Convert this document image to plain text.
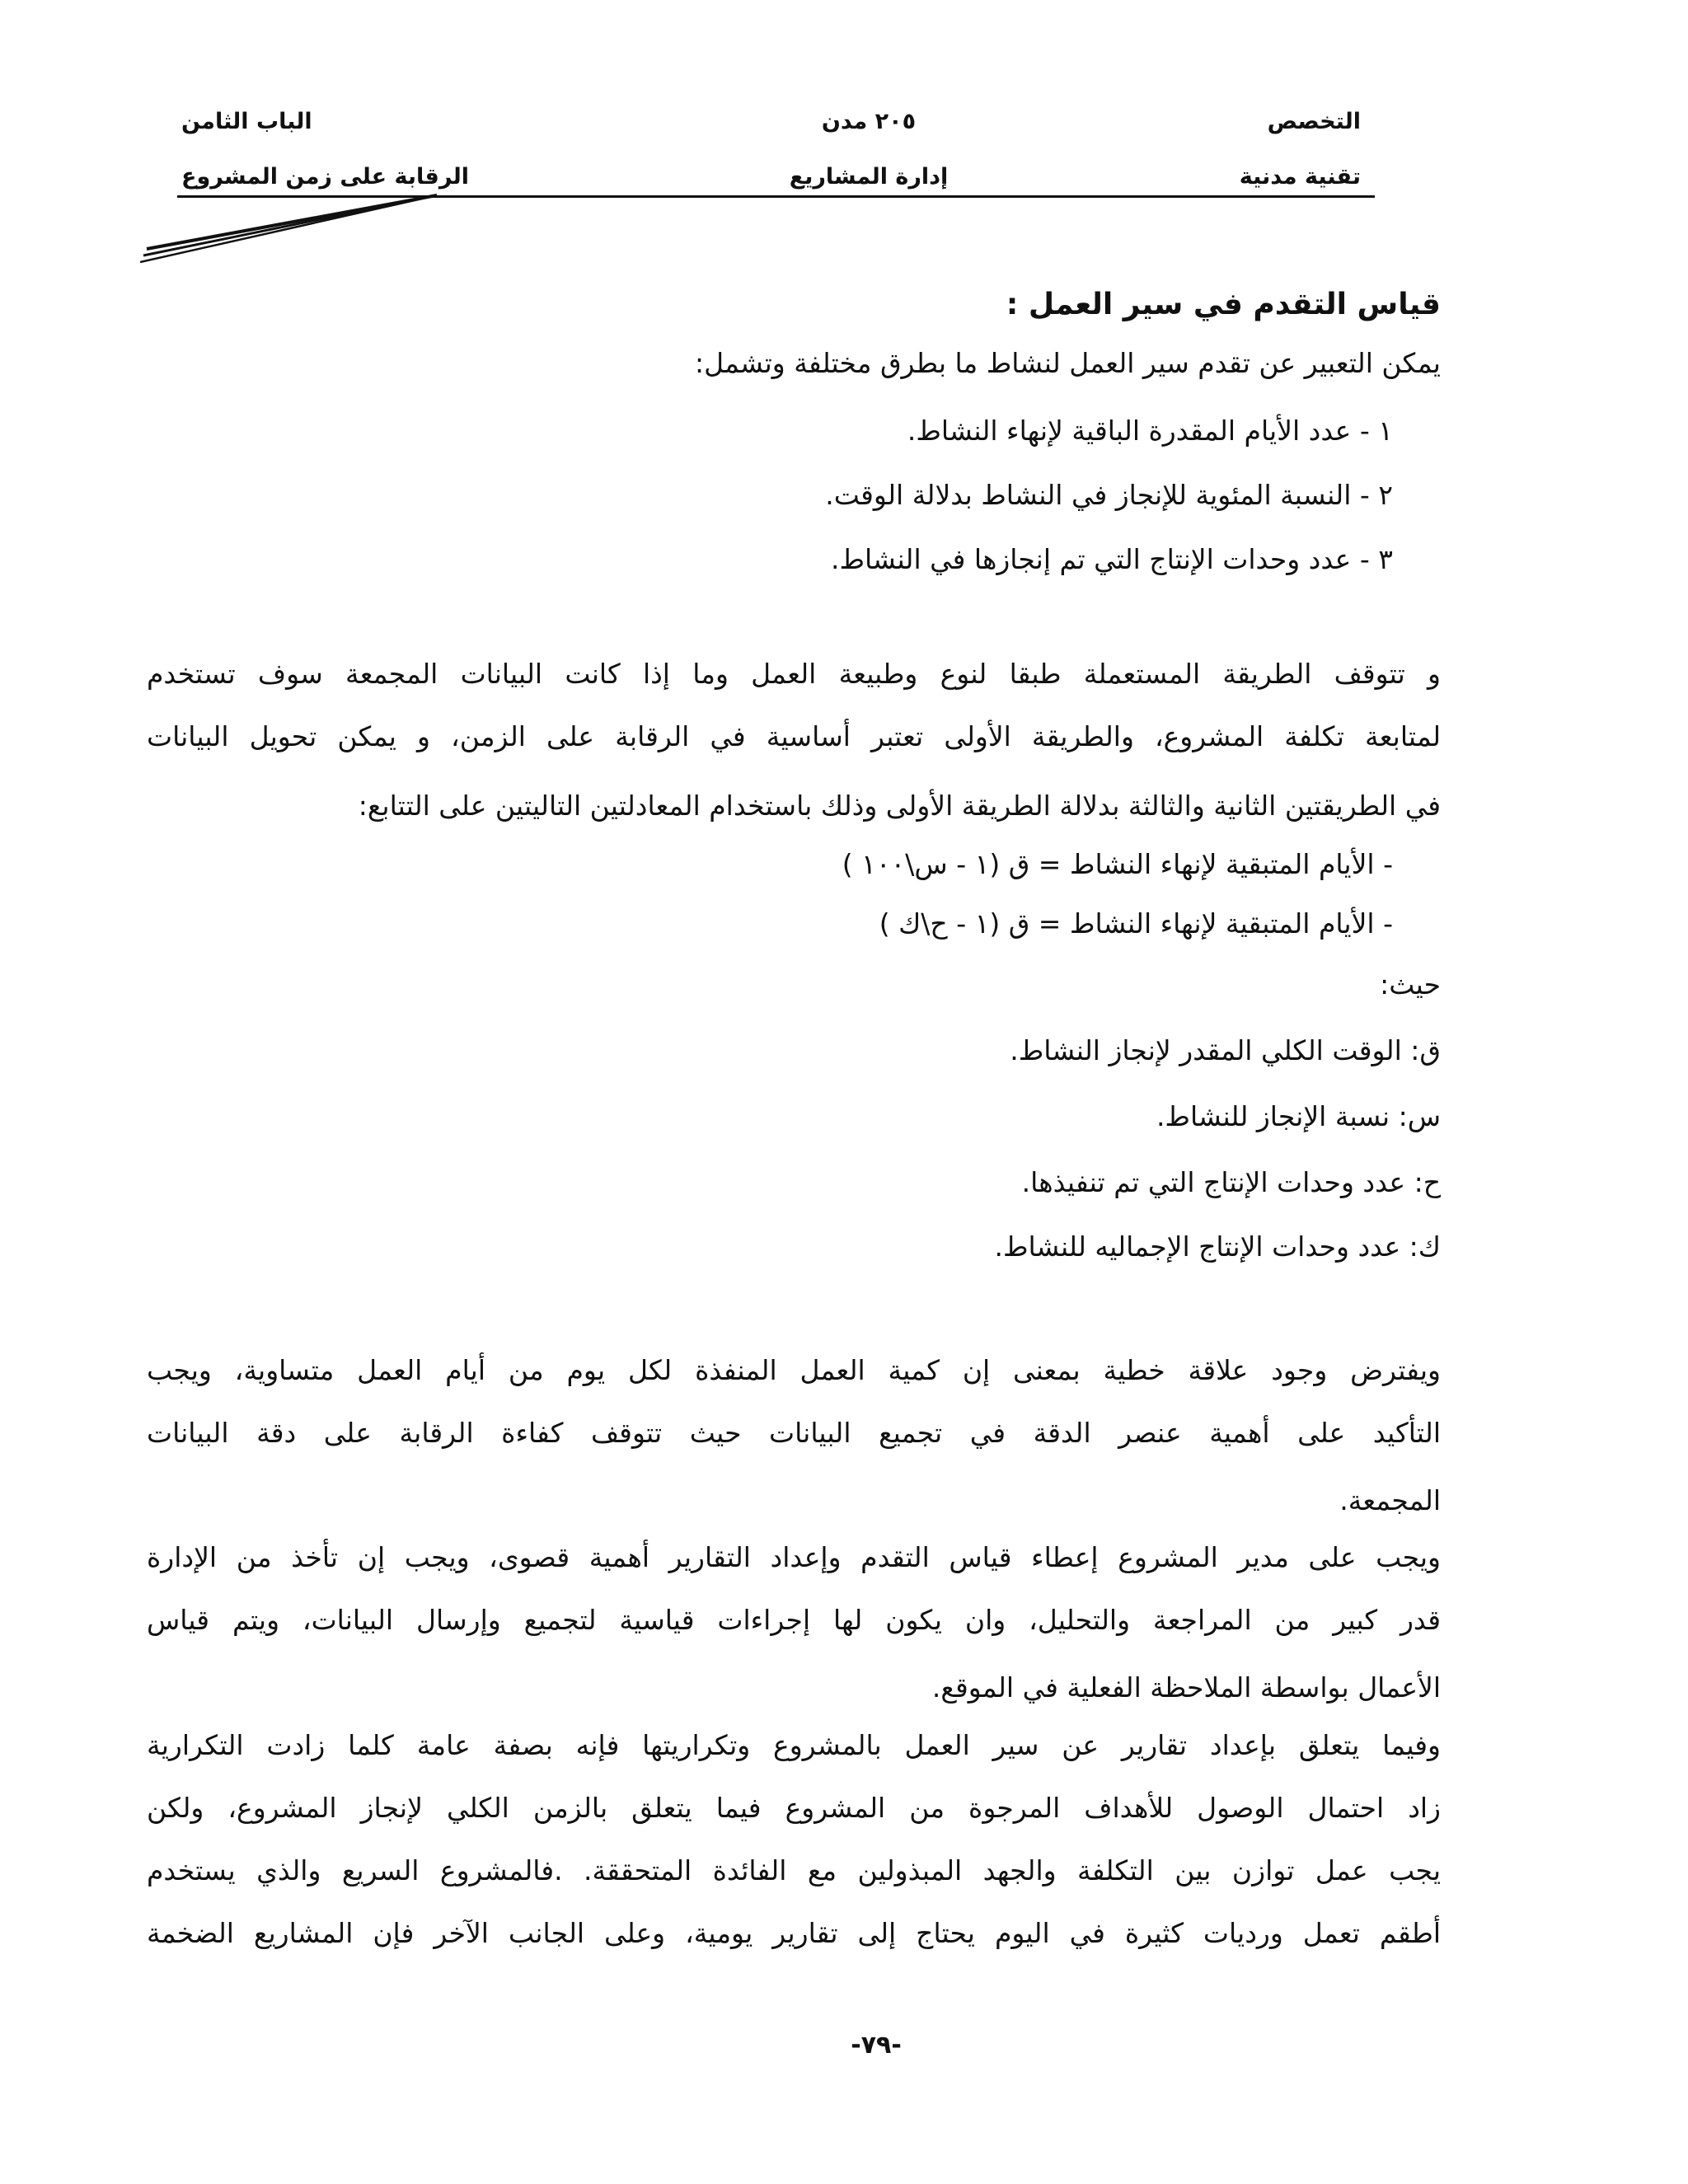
التخصص
تقنية مدنية
٢٠٥ مدن
إدارة المشاريع
الباب الثامن
الرقابة على زمن المشروع
قياس التقدم في سير العمل :
يمكن التعبير عن تقدم سير العمل لنشاط ما بطرق مختلفة وتشمل:
١ - عدد الأيام المقدرة الباقية لإنهاء النشاط.
٢ - النسبة المئوية للإنجاز في النشاط بدلالة الوقت.
٣ - عدد وحدات الإنتاج التي تم إنجازها في النشاط.
و تتوقف الطريقة المستعملة طبقا لنوع وطبيعة العمل وما إذا كانت البيانات المجمعة سوف تستخدم
لمتابعة تكلفة المشروع، والطريقة الأولى تعتبر أساسية في الرقابة على الزمن، و يمكن تحويل البيانات
في الطريقتين الثانية والثالثة بدلالة الطريقة الأولى وذلك باستخدام المعادلتين التاليتين على التتابع:
- الأيام المتبقية لإنهاء النشاط = ق (١ - س\١٠٠ )
- الأيام المتبقية لإنهاء النشاط = ق (١ - ح\ك )
حيث:
ق: الوقت الكلي المقدر لإنجاز النشاط.
س: نسبة الإنجاز للنشاط.
ح: عدد وحدات الإنتاج التي تم تنفيذها.
ك: عدد وحدات الإنتاج الإجماليه للنشاط.
ويفترض وجود علاقة خطية بمعنى إن كمية العمل المنفذة لكل يوم من أيام العمل متساوية، ويجب
التأكيد على أهمية عنصر الدقة في تجميع البيانات حيث تتوقف كفاءة الرقابة على دقة البيانات
المجمعة.
ويجب على مدير المشروع إعطاء قياس التقدم وإعداد التقارير أهمية قصوى، ويجب إن تأخذ من الإدارة
قدر كبير من المراجعة والتحليل، وان يكون لها إجراءات قياسية لتجميع وإرسال البيانات، ويتم قياس
الأعمال بواسطة الملاحظة الفعلية في الموقع.
وفيما يتعلق بإعداد تقارير عن سير العمل بالمشروع وتكراريتها فإنه بصفة عامة كلما زادت التكرارية
زاد احتمال الوصول للأهداف المرجوة من المشروع فيما يتعلق بالزمن الكلي لإنجاز المشروع، ولكن
يجب عمل توازن بين التكلفة والجهد المبذولين مع الفائدة المتحققة. .فالمشروع السريع والذي يستخدم
أطقم تعمل ورديات كثيرة في اليوم يحتاج إلى تقارير يومية، وعلى الجانب الآخر فإن المشاريع الضخمة
-٧٩-
